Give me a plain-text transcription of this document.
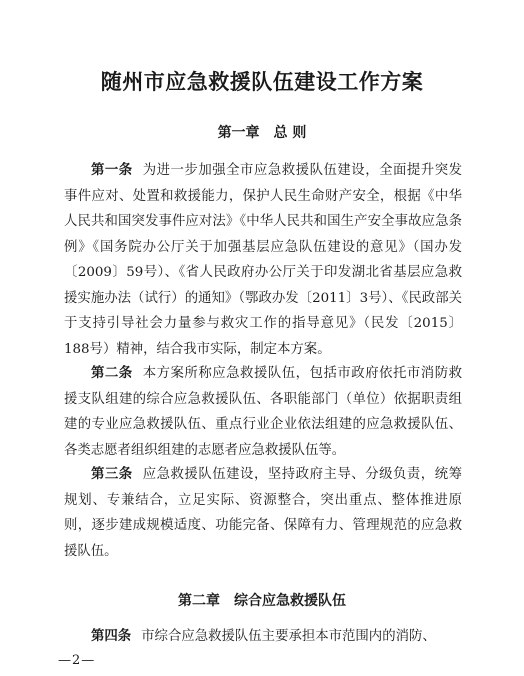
随州市应急救援队伍建设工作方案
第一章　总 则

第一条 为进一步加强全市应急救援队伍建设，全面提升突发事件应对、处置和救援能力，保护人民生命财产安全，根据《中华人民共和国突发事件应对法》《中华人民共和国生产安全事故应急条例》《国务院办公厅关于加强基层应急队伍建设的意见》（国办发〔2009〕59号）、《省人民政府办公厅关于印发湖北省基层应急救援实施办法（试行）的通知》（鄂政办发〔2011〕3号）、《民政部关于支持引导社会力量参与救灾工作的指导意见》（民发〔2015〕188号）精神，结合我市实际，制定本方案。

第二条 本方案所称应急救援队伍，包括市政府依托市消防救援支队组建的综合应急救援队伍、各职能部门（单位）依据职责组建的专业应急救援队伍、重点行业企业依法组建的应急救援队伍、各类志愿者组织组建的志愿者应急救援队伍等。

第三条 应急救援队伍建设，坚持政府主导、分级负责，统筹规划、专兼结合，立足实际、资源整合，突出重点、整体推进原则，逐步建成规模适度、功能完备、保障有力、管理规范的应急救援队伍。

第二章　综合应急救援队伍

第四条 市综合应急救援队伍主要承担本市范围内的消防、

—2—
